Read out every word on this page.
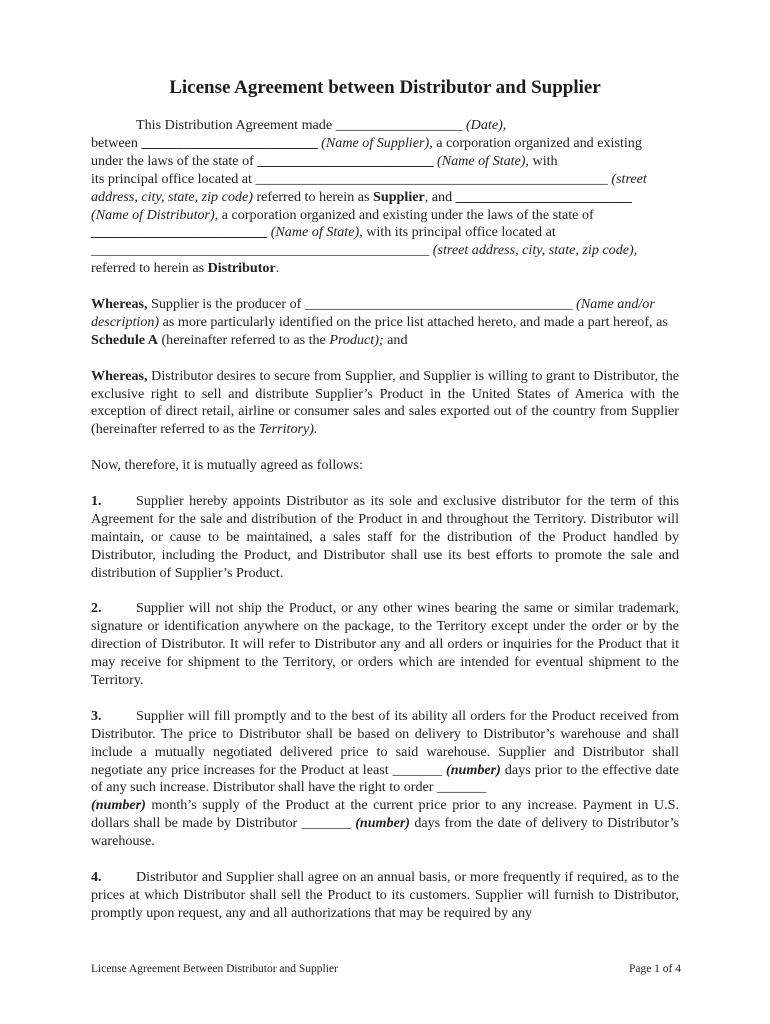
License Agreement between Distributor and Supplier

This Distribution Agreement made __________________ (Date),
between _________________________ (Name of Supplier), a corporation organized and existing
under the laws of the state of _________________________ (Name of State), with
its principal office located at __________________________________________________ (street
address, city, state, zip code) referred to herein as Supplier, and _________________________
(Name of Distributor), a corporation organized and existing under the laws of the state of
_________________________ (Name of State), with its principal office located at
________________________________________________ (street address, city, state, zip code),
referred to herein as Distributor.

Whereas, Supplier is the producer of ______________________________________ (Name and/or description) as more particularly identified on the price list attached hereto, and made a part hereof, as Schedule A (hereinafter referred to as the Product); and

Whereas, Distributor desires to secure from Supplier, and Supplier is willing to grant to Distributor, the exclusive right to sell and distribute Supplier’s Product in the United States of America with the exception of direct retail, airline or consumer sales and sales exported out of the country from Supplier (hereinafter referred to as the Territory).

Now, therefore, it is mutually agreed as follows:

1. Supplier hereby appoints Distributor as its sole and exclusive distributor for the term of this Agreement for the sale and distribution of the Product in and throughout the Territory. Distributor will maintain, or cause to be maintained, a sales staff for the distribution of the Product handled by Distributor, including the Product, and Distributor shall use its best efforts to promote the sale and distribution of Supplier’s Product.

2. Supplier will not ship the Product, or any other wines bearing the same or similar trademark, signature or identification anywhere on the package, to the Territory except under the order or by the direction of Distributor. It will refer to Distributor any and all orders or inquiries for the Product that it may receive for shipment to the Territory, or orders which are intended for eventual shipment to the Territory.

3. Supplier will fill promptly and to the best of its ability all orders for the Product received from Distributor. The price to Distributor shall be based on delivery to Distributor’s warehouse and shall include a mutually negotiated delivered price to said warehouse. Supplier and Distributor shall negotiate any price increases for the Product at least _______ (number) days prior to the effective date of any such increase. Distributor shall have the right to order _______
(number) month’s supply of the Product at the current price prior to any increase. Payment in U.S. dollars shall be made by Distributor _______ (number) days from the date of delivery to Distributor’s warehouse.

4. Distributor and Supplier shall agree on an annual basis, or more frequently if required, as to the prices at which Distributor shall sell the Product to its customers. Supplier will furnish to Distributor, promptly upon request, any and all authorizations that may be required by any

License Agreement Between Distributor and Supplier	Page 1 of 4
